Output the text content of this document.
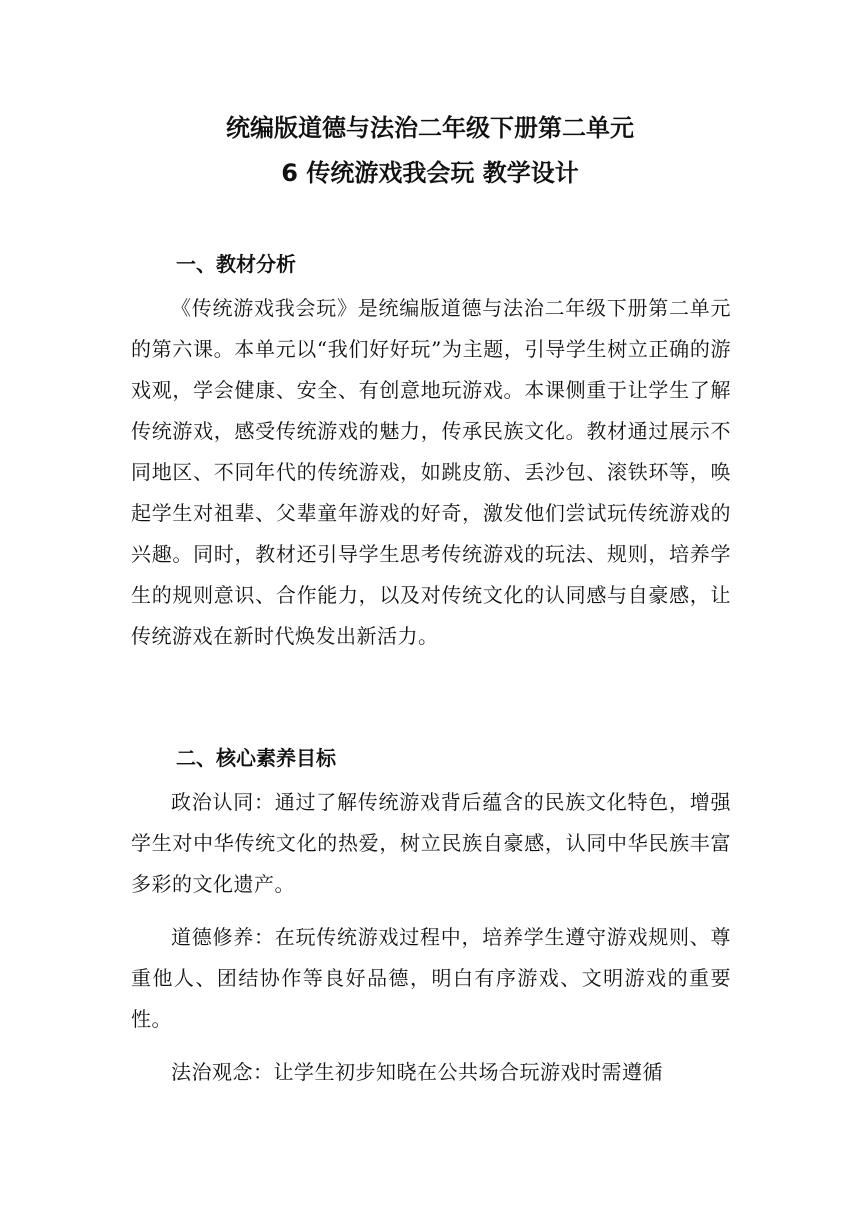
统编版道德与法治二年级下册第二单元
6 传统游戏我会玩 教学设计
一、教材分析

《传统游戏我会玩》是统编版道德与法治二年级下册第二单元的第六课。本单元以“我们好好玩”为主题，引导学生树立正确的游戏观，学会健康、安全、有创意地玩游戏。本课侧重于让学生了解传统游戏，感受传统游戏的魅力，传承民族文化。教材通过展示不同地区、不同年代的传统游戏，如跳皮筋、丢沙包、滚铁环等，唤起学生对祖辈、父辈童年游戏的好奇，激发他们尝试玩传统游戏的兴趣。同时，教材还引导学生思考传统游戏的玩法、规则，培养学生的规则意识、合作能力，以及对传统文化的认同感与自豪感，让传统游戏在新时代焕发出新活力。

二、核心素养目标

政治认同：通过了解传统游戏背后蕴含的民族文化特色，增强学生对中华传统文化的热爱，树立民族自豪感，认同中华民族丰富多彩的文化遗产。

道德修养：在玩传统游戏过程中，培养学生遵守游戏规则、尊重他人、团结协作等良好品德，明白有序游戏、文明游戏的重要性。

法治观念：让学生初步知晓在公共场合玩游戏时需遵循
